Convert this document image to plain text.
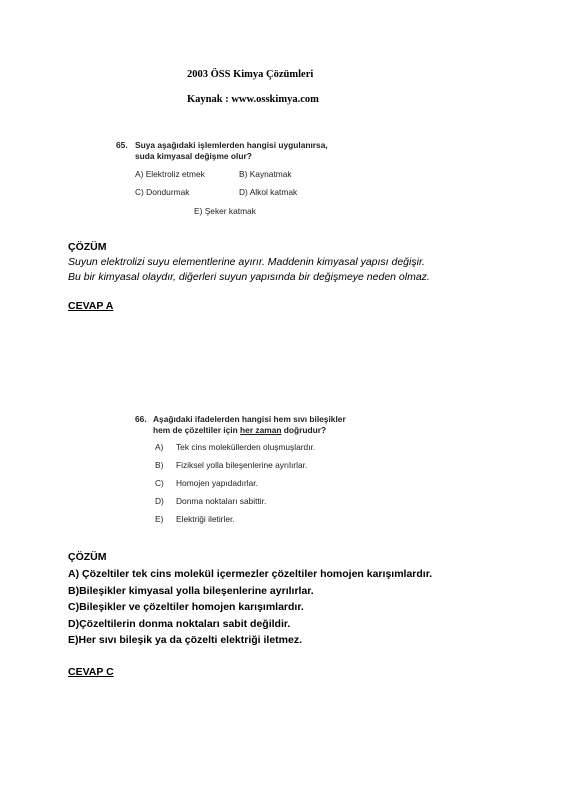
2003 ÖSS Kimya Çözümleri
Kaynak : www.osskimya.com
65. Suya aşağıdaki işlemlerden hangisi uygulanırsa,
suda kimyasal değişme olur?
A) Elektroliz etmek	B) Kaynatmak
C) Dondurmak	D) Alkol katmak
E) Şeker katmak
ÇÖZÜM
Suyun elektrolizi suyu elementlerine ayırır. Maddenin kimyasal yapısı değişir.
Bu bir kimyasal olaydır, diğerleri suyun yapısında bir değişmeye neden olmaz.
CEVAP A
66. Aşağıdaki ifadelerden hangisi hem sıvı bileşikler
hem de çözeltiler için her zaman doğrudur?
A) Tek cins moleküllerden oluşmuşlardır.
B) Fiziksel yolla bileşenlerine ayrılırlar.
C) Homojen yapıdadırlar.
D) Donma noktaları sabittir.
E) Elektriği iletirler.
ÇÖZÜM
A) Çözeltiler tek cins molekül içermezler çözeltiler homojen karışımlardır.
B)Bileşikler kimyasal yolla bileşenlerine ayrılırlar.
C)Bileşikler ve çözeltiler homojen karışımlardır.
D)Çözeltilerin donma noktaları sabit değildir.
E)Her sıvı bileşik ya da çözelti elektriği iletmez.
CEVAP C
